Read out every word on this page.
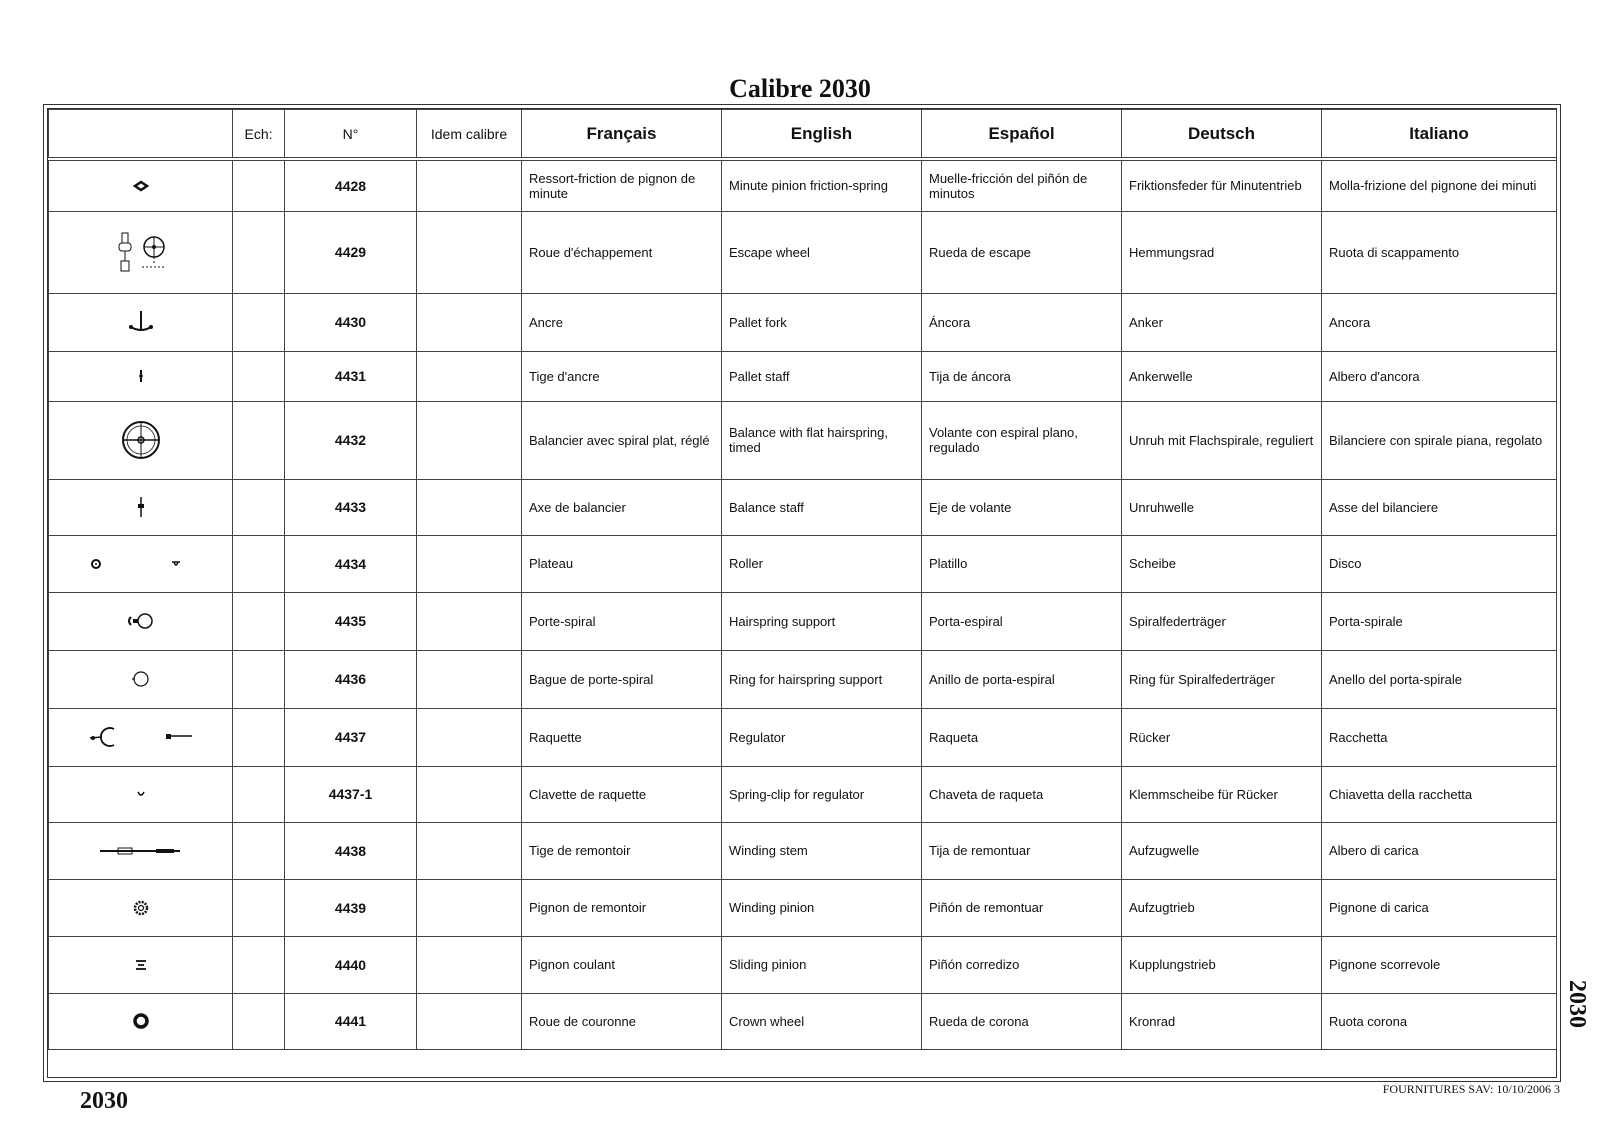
Calibre 2030
	Ech:	N°	Idem calibre	Français	English	Español	Deutsch	Italiano
		4428		Ressort-friction de pignon de minute	Minute pinion friction-spring	Muelle-fricción del piñón de minutos	Friktionsfeder für Minutentrieb	Molla-frizione del pignone dei minuti
		4429		Roue d'échappement	Escape wheel	Rueda de escape	Hemmungsrad	Ruota di scappamento
		4430		Ancre	Pallet fork	Áncora	Anker	Ancora
		4431		Tige d'ancre	Pallet staff	Tija de áncora	Ankerwelle	Albero d'ancora
		4432		Balancier avec spiral plat, réglé	Balance with flat hairspring, timed	Volante con espiral plano, regulado	Unruh mit Flachspirale, reguliert	Bilanciere con spirale piana, regolato
		4433		Axe de balancier	Balance staff	Eje de volante	Unruhwelle	Asse del bilanciere
		4434		Plateau	Roller	Platillo	Scheibe	Disco
		4435		Porte-spiral	Hairspring support	Porta-espiral	Spiralfederträger	Porta-spirale
		4436		Bague de porte-spiral	Ring for hairspring support	Anillo de porta-espiral	Ring für Spiralfederträger	Anello del porta-spirale
		4437		Raquette	Regulator	Raqueta	Rücker	Racchetta
		4437-1		Clavette de raquette	Spring-clip for regulator	Chaveta de raqueta	Klemmscheibe für Rücker	Chiavetta della racchetta
		4438		Tige de remontoir	Winding stem	Tija de remontuar	Aufzugwelle	Albero di carica
		4439		Pignon de remontoir	Winding pinion	Piñón de remontuar	Aufzugtrieb	Pignone di carica
		4440		Pignon coulant	Sliding pinion	Piñón corredizo	Kupplungstrieb	Pignone scorrevole
		4441		Roue de couronne	Crown wheel	Rueda de corona	Kronrad	Ruota corona
2030
2030
FOURNITURES SAV: 10/10/2006 3
